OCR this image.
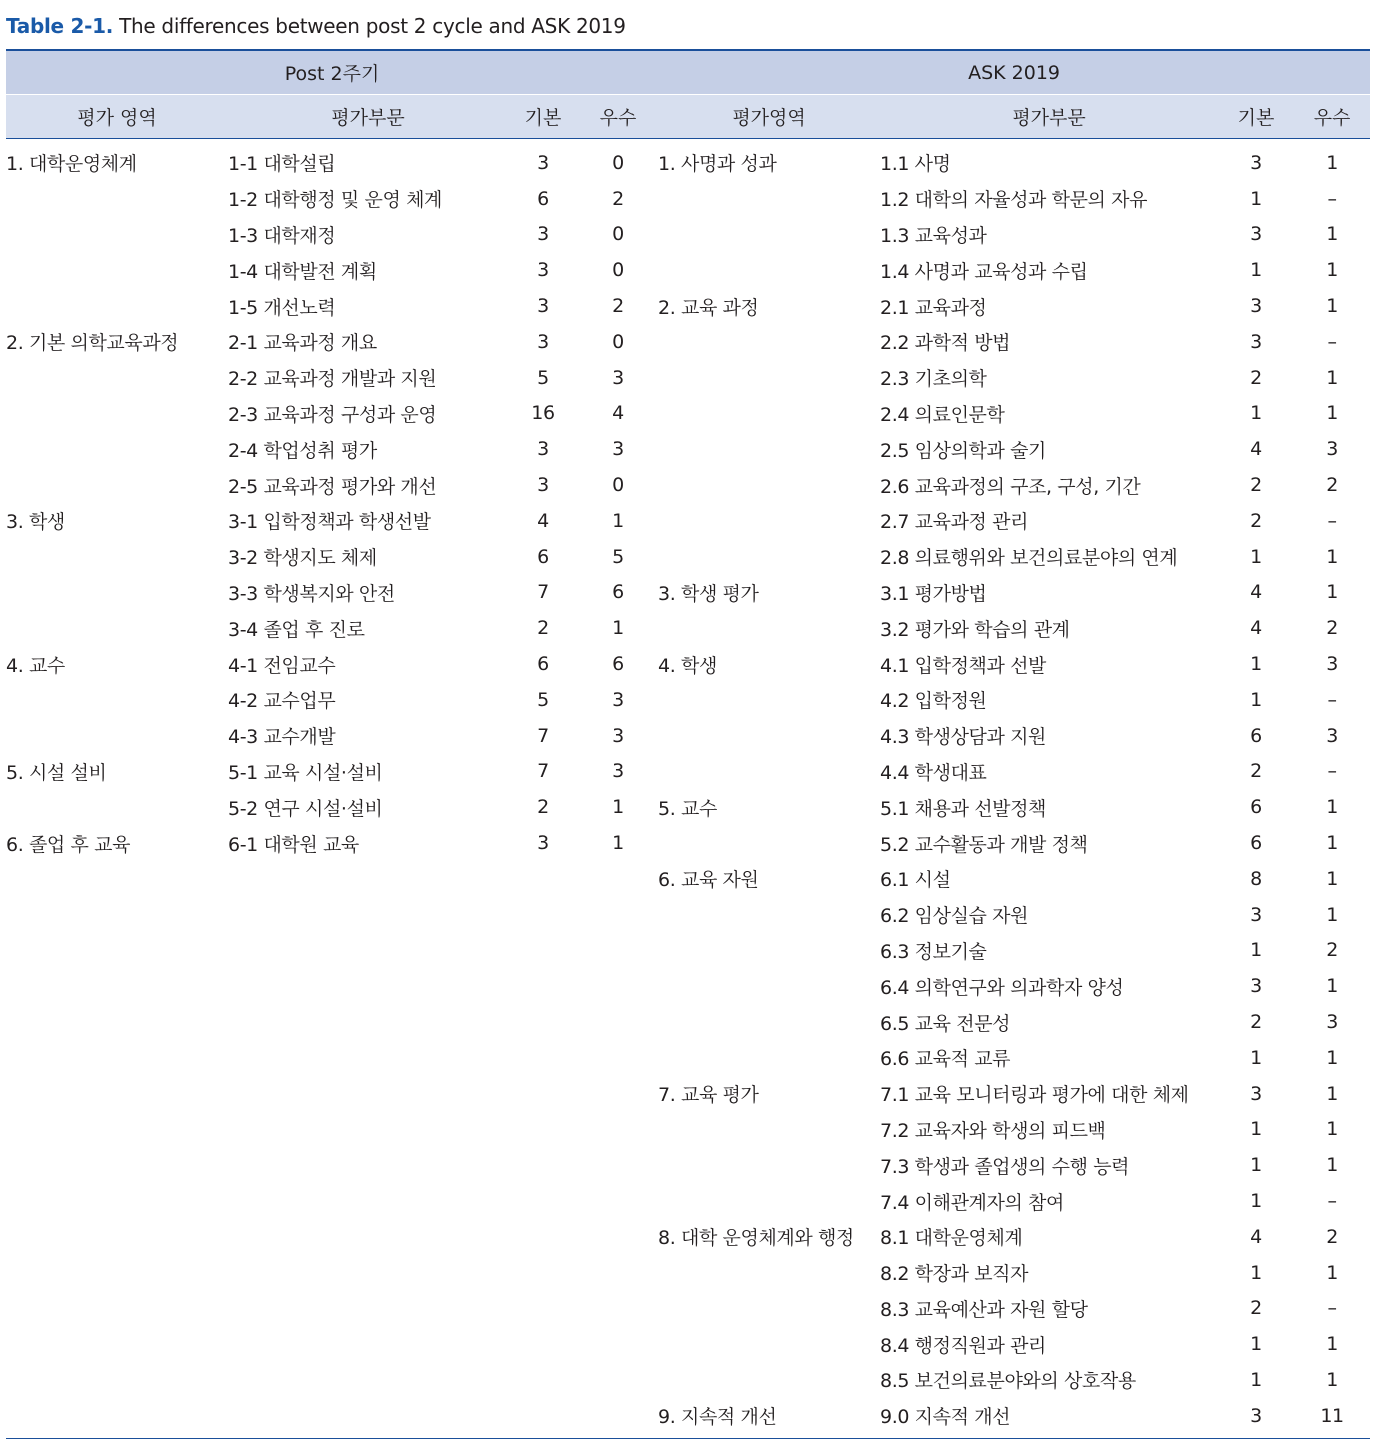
Table 2-1. The differences between post 2 cycle and ASK 2019
Post 2주기				ASK 2019			
평가 영역	평가부문	기본	우수	평가영역	평가부문	기본	우수
1. 대학운영체계	1-1 대학설립	3	0	1. 사명과 성과	1.1 사명	3	1
	1-2 대학행정 및 운영 체계	6	2		1.2 대학의 자율성과 학문의 자유	1	–
	1-3 대학재정	3	0		1.3 교육성과	3	1
	1-4 대학발전 계획	3	0		1.4 사명과 교육성과 수립	1	1
	1-5 개선노력	3	2	2. 교육 과정	2.1 교육과정	3	1
2. 기본 의학교육과정	2-1 교육과정 개요	3	0		2.2 과학적 방법	3	–
	2-2 교육과정 개발과 지원	5	3		2.3 기초의학	2	1
	2-3 교육과정 구성과 운영	16	4		2.4 의료인문학	1	1
	2-4 학업성취 평가	3	3		2.5 임상의학과 술기	4	3
	2-5 교육과정 평가와 개선	3	0		2.6 교육과정의 구조, 구성, 기간	2	2
3. 학생	3-1 입학정책과 학생선발	4	1		2.7 교육과정 관리	2	–
	3-2 학생지도 체제	6	5		2.8 의료행위와 보건의료분야의 연계	1	1
	3-3 학생복지와 안전	7	6	3. 학생 평가	3.1 평가방법	4	1
	3-4 졸업 후 진로	2	1		3.2 평가와 학습의 관계	4	2
4. 교수	4-1 전임교수	6	6	4. 학생	4.1 입학정책과 선발	1	3
	4-2 교수업무	5	3		4.2 입학정원	1	–
	4-3 교수개발	7	3		4.3 학생상담과 지원	6	3
5. 시설 설비	5-1 교육 시설·설비	7	3		4.4 학생대표	2	–
	5-2 연구 시설·설비	2	1	5. 교수	5.1 채용과 선발정책	6	1
6. 졸업 후 교육	6-1 대학원 교육	3	1		5.2 교수활동과 개발 정책	6	1
				6. 교육 자원	6.1 시설	8	1
					6.2 임상실습 자원	3	1
					6.3 정보기술	1	2
					6.4 의학연구와 의과학자 양성	3	1
					6.5 교육 전문성	2	3
					6.6 교육적 교류	1	1
				7. 교육 평가	7.1 교육 모니터링과 평가에 대한 체제	3	1
					7.2 교육자와 학생의 피드백	1	1
					7.3 학생과 졸업생의 수행 능력	1	1
					7.4 이해관계자의 참여	1	–
				8. 대학 운영체계와 행정	8.1 대학운영체계	4	2
					8.2 학장과 보직자	1	1
					8.3 교육예산과 자원 할당	2	–
					8.4 행정직원과 관리	1	1
					8.5 보건의료분야와의 상호작용	1	1
				9. 지속적 개선	9.0 지속적 개선	3	11
